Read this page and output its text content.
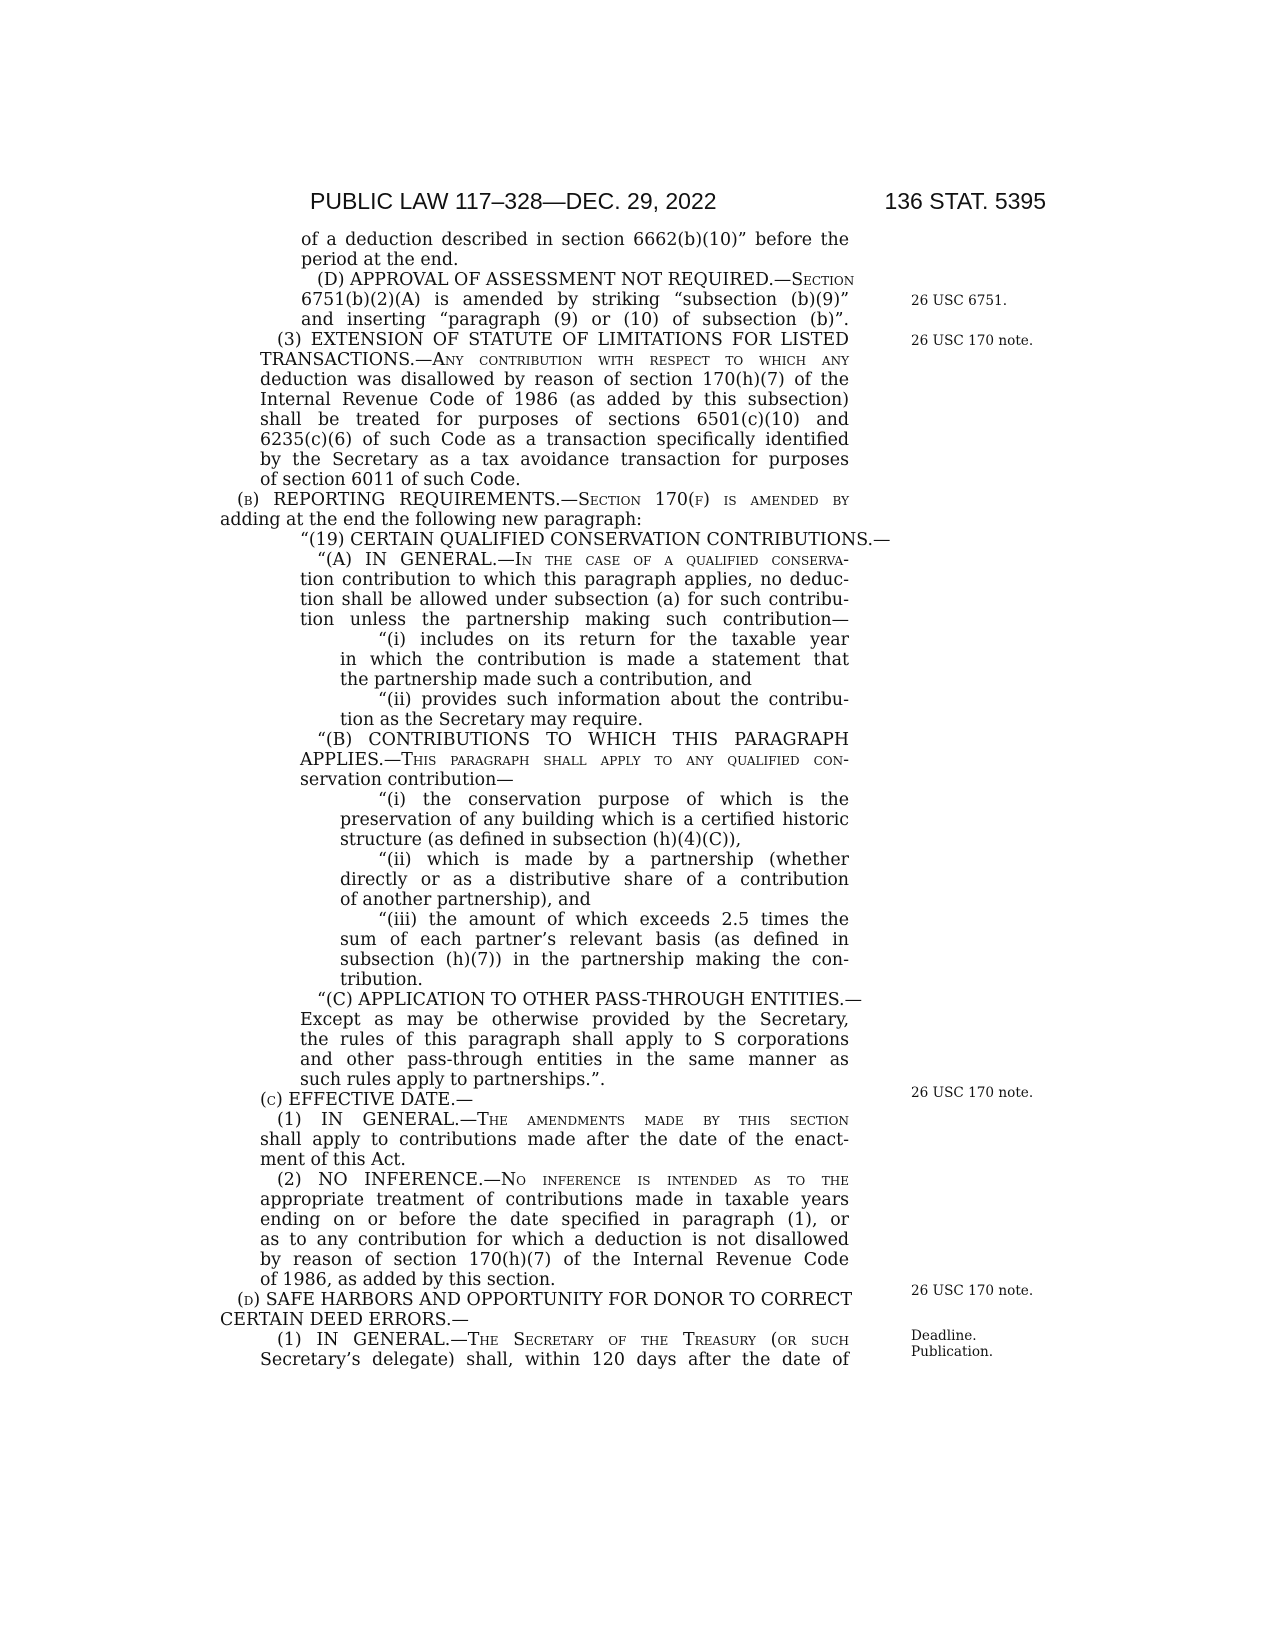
PUBLIC LAW 117–328—DEC. 29, 2022	136 STAT. 5395
of a deduction described in section 6662(b)(10)” before the
period at the end.
(D) APPROVAL OF ASSESSMENT NOT REQUIRED.—Section
6751(b)(2)(A) is amended by striking “subsection (b)(9)”
and inserting “paragraph (9) or (10) of subsection (b)”.
(3) EXTENSION OF STATUTE OF LIMITATIONS FOR LISTED
TRANSACTIONS.—Any contribution with respect to which any
deduction was disallowed by reason of section 170(h)(7) of the
Internal Revenue Code of 1986 (as added by this subsection)
shall be treated for purposes of sections 6501(c)(10) and
6235(c)(6) of such Code as a transaction specifically identified
by the Secretary as a tax avoidance transaction for purposes
of section 6011 of such Code.
(b) REPORTING REQUIREMENTS.—Section 170(f) is amended by
adding at the end the following new paragraph:
“(19) CERTAIN QUALIFIED CONSERVATION CONTRIBUTIONS.—
“(A) IN GENERAL.—In the case of a qualified conserva-
tion contribution to which this paragraph applies, no deduc-
tion shall be allowed under subsection (a) for such contribu-
tion unless the partnership making such contribution—
“(i) includes on its return for the taxable year
in which the contribution is made a statement that
the partnership made such a contribution, and
“(ii) provides such information about the contribu-
tion as the Secretary may require.
“(B) CONTRIBUTIONS TO WHICH THIS PARAGRAPH
APPLIES.—This paragraph shall apply to any qualified con-
servation contribution—
“(i) the conservation purpose of which is the
preservation of any building which is a certified historic
structure (as defined in subsection (h)(4)(C)),
“(ii) which is made by a partnership (whether
directly or as a distributive share of a contribution
of another partnership), and
“(iii) the amount of which exceeds 2.5 times the
sum of each partner’s relevant basis (as defined in
subsection (h)(7)) in the partnership making the con-
tribution.
“(C) APPLICATION TO OTHER PASS-THROUGH ENTITIES.—
Except as may be otherwise provided by the Secretary,
the rules of this paragraph shall apply to S corporations
and other pass-through entities in the same manner as
such rules apply to partnerships.”.
(c) EFFECTIVE DATE.—
(1) IN GENERAL.—The amendments made by this section
shall apply to contributions made after the date of the enact-
ment of this Act.
(2) NO INFERENCE.—No inference is intended as to the
appropriate treatment of contributions made in taxable years
ending on or before the date specified in paragraph (1), or
as to any contribution for which a deduction is not disallowed
by reason of section 170(h)(7) of the Internal Revenue Code
of 1986, as added by this section.
(d) SAFE HARBORS AND OPPORTUNITY FOR DONOR TO CORRECT
CERTAIN DEED ERRORS.—
(1) IN GENERAL.—The Secretary of the Treasury (or such
Secretary’s delegate) shall, within 120 days after the date of
26 USC 6751.
26 USC 170 note.
26 USC 170 note.
26 USC 170 note.
Deadline.
Publication.
